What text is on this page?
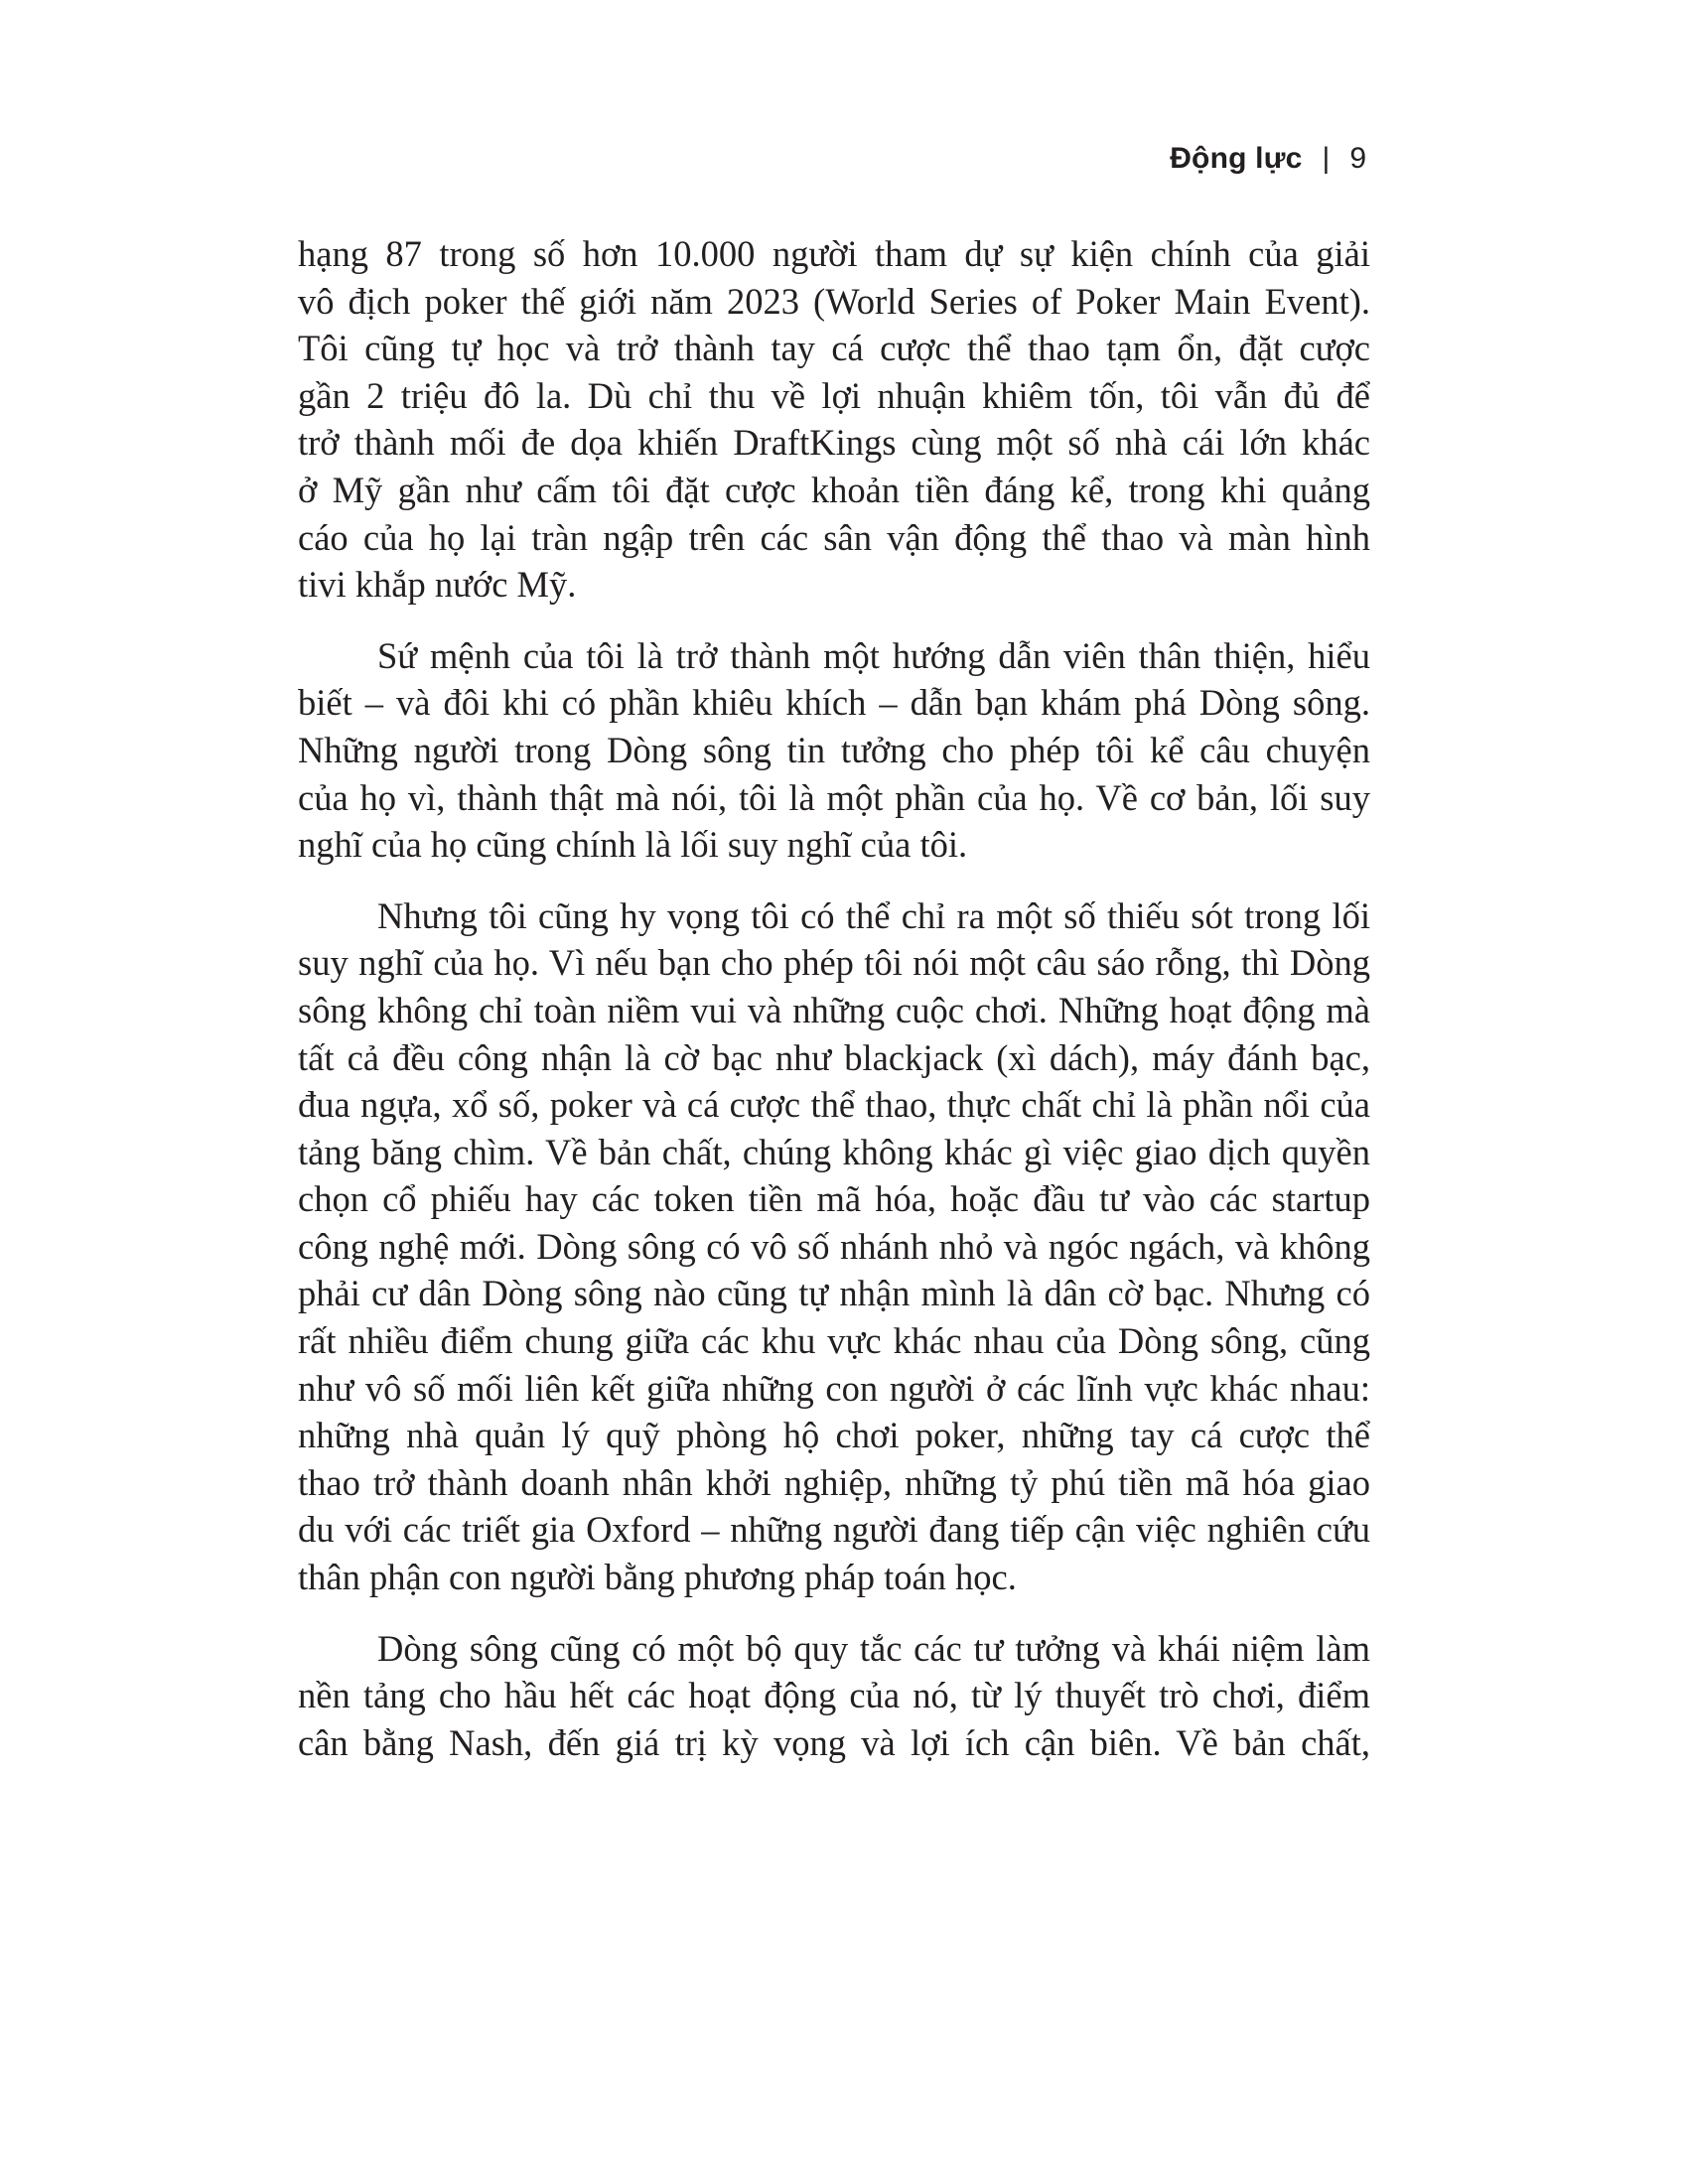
Động lực | 9

hạng 87 trong số hơn 10.000 người tham dự sự kiện chính của giải
vô địch poker thế giới năm 2023 (World Series of Poker Main Event).
Tôi cũng tự học và trở thành tay cá cược thể thao tạm ổn, đặt cược
gần 2 triệu đô la. Dù chỉ thu về lợi nhuận khiêm tốn, tôi vẫn đủ để
trở thành mối đe dọa khiến DraftKings cùng một số nhà cái lớn khác
ở Mỹ gần như cấm tôi đặt cược khoản tiền đáng kể, trong khi quảng
cáo của họ lại tràn ngập trên các sân vận động thể thao và màn hình
tivi khắp nước Mỹ.

Sứ mệnh của tôi là trở thành một hướng dẫn viên thân thiện, hiểu
biết – và đôi khi có phần khiêu khích – dẫn bạn khám phá Dòng sông.
Những người trong Dòng sông tin tưởng cho phép tôi kể câu chuyện
của họ vì, thành thật mà nói, tôi là một phần của họ. Về cơ bản, lối suy
nghĩ của họ cũng chính là lối suy nghĩ của tôi.

Nhưng tôi cũng hy vọng tôi có thể chỉ ra một số thiếu sót trong lối
suy nghĩ của họ. Vì nếu bạn cho phép tôi nói một câu sáo rỗng, thì Dòng
sông không chỉ toàn niềm vui và những cuộc chơi. Những hoạt động mà
tất cả đều công nhận là cờ bạc như blackjack (xì dách), máy đánh bạc,
đua ngựa, xổ số, poker và cá cược thể thao, thực chất chỉ là phần nổi của
tảng băng chìm. Về bản chất, chúng không khác gì việc giao dịch quyền
chọn cổ phiếu hay các token tiền mã hóa, hoặc đầu tư vào các startup
công nghệ mới. Dòng sông có vô số nhánh nhỏ và ngóc ngách, và không
phải cư dân Dòng sông nào cũng tự nhận mình là dân cờ bạc. Nhưng có
rất nhiều điểm chung giữa các khu vực khác nhau của Dòng sông, cũng
như vô số mối liên kết giữa những con người ở các lĩnh vực khác nhau:
những nhà quản lý quỹ phòng hộ chơi poker, những tay cá cược thể
thao trở thành doanh nhân khởi nghiệp, những tỷ phú tiền mã hóa giao
du với các triết gia Oxford – những người đang tiếp cận việc nghiên cứu
thân phận con người bằng phương pháp toán học.

Dòng sông cũng có một bộ quy tắc các tư tưởng và khái niệm làm
nền tảng cho hầu hết các hoạt động của nó, từ lý thuyết trò chơi, điểm
cân bằng Nash, đến giá trị kỳ vọng và lợi ích cận biên. Về bản chất,
